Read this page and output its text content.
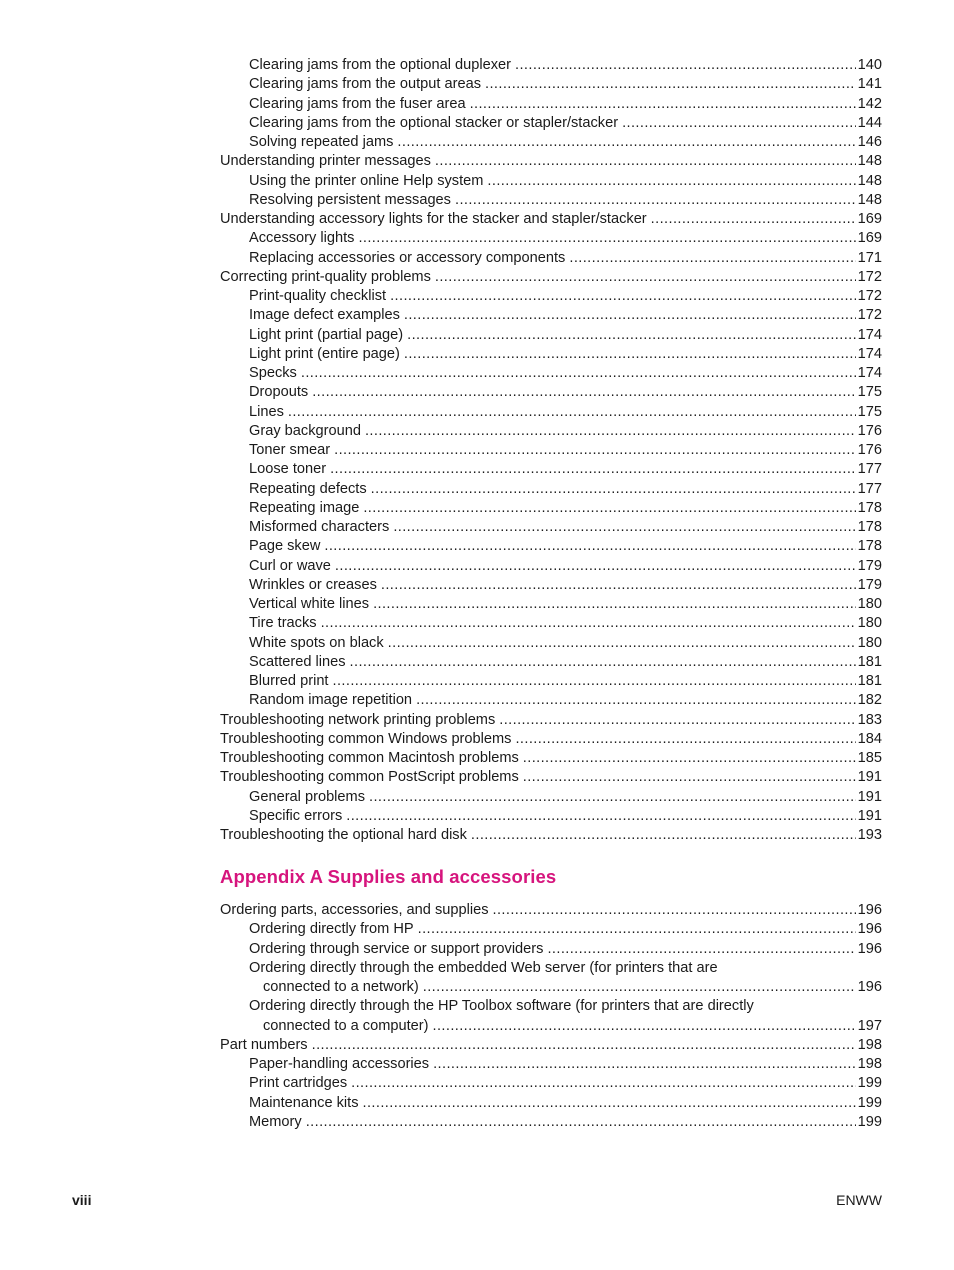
Clearing jams from the optional duplexer .....	140
Clearing jams from the output areas .....	141
Clearing jams from the fuser area .....	142
Clearing jams from the optional stacker or stapler/stacker .....	144
Solving repeated jams .....	146
Understanding printer messages .....	148
Using the printer online Help system .....	148
Resolving persistent messages .....	148
Understanding accessory lights for the stacker and stapler/stacker .....	169
Accessory lights .....	169
Replacing accessories or accessory components .....	171
Correcting print-quality problems .....	172
Print-quality checklist .....	172
Image defect examples .....	172
Light print (partial page) .....	174
Light print (entire page) .....	174
Specks .....	174
Dropouts .....	175
Lines .....	175
Gray background .....	176
Toner smear .....	176
Loose toner .....	177
Repeating defects .....	177
Repeating image .....	178
Misformed characters .....	178
Page skew .....	178
Curl or wave .....	179
Wrinkles or creases .....	179
Vertical white lines .....	180
Tire tracks .....	180
White spots on black .....	180
Scattered lines .....	181
Blurred print .....	181
Random image repetition .....	182
Troubleshooting network printing problems .....	183
Troubleshooting common Windows problems .....	184
Troubleshooting common Macintosh problems .....	185
Troubleshooting common PostScript problems .....	191
General problems .....	191
Specific errors .....	191
Troubleshooting the optional hard disk .....	193
Appendix A Supplies and accessories
Ordering parts, accessories, and supplies .....	196
Ordering directly from HP .....	196
Ordering through service or support providers .....	196
Ordering directly through the embedded Web server (for printers that are
connected to a network) .....	196
Ordering directly through the HP Toolbox software (for printers that are directly
connected to a computer) .....	197
Part numbers .....	198
Paper-handling accessories .....	198
Print cartridges .....	199
Maintenance kits .....	199
Memory .....	199
viii	ENWW
